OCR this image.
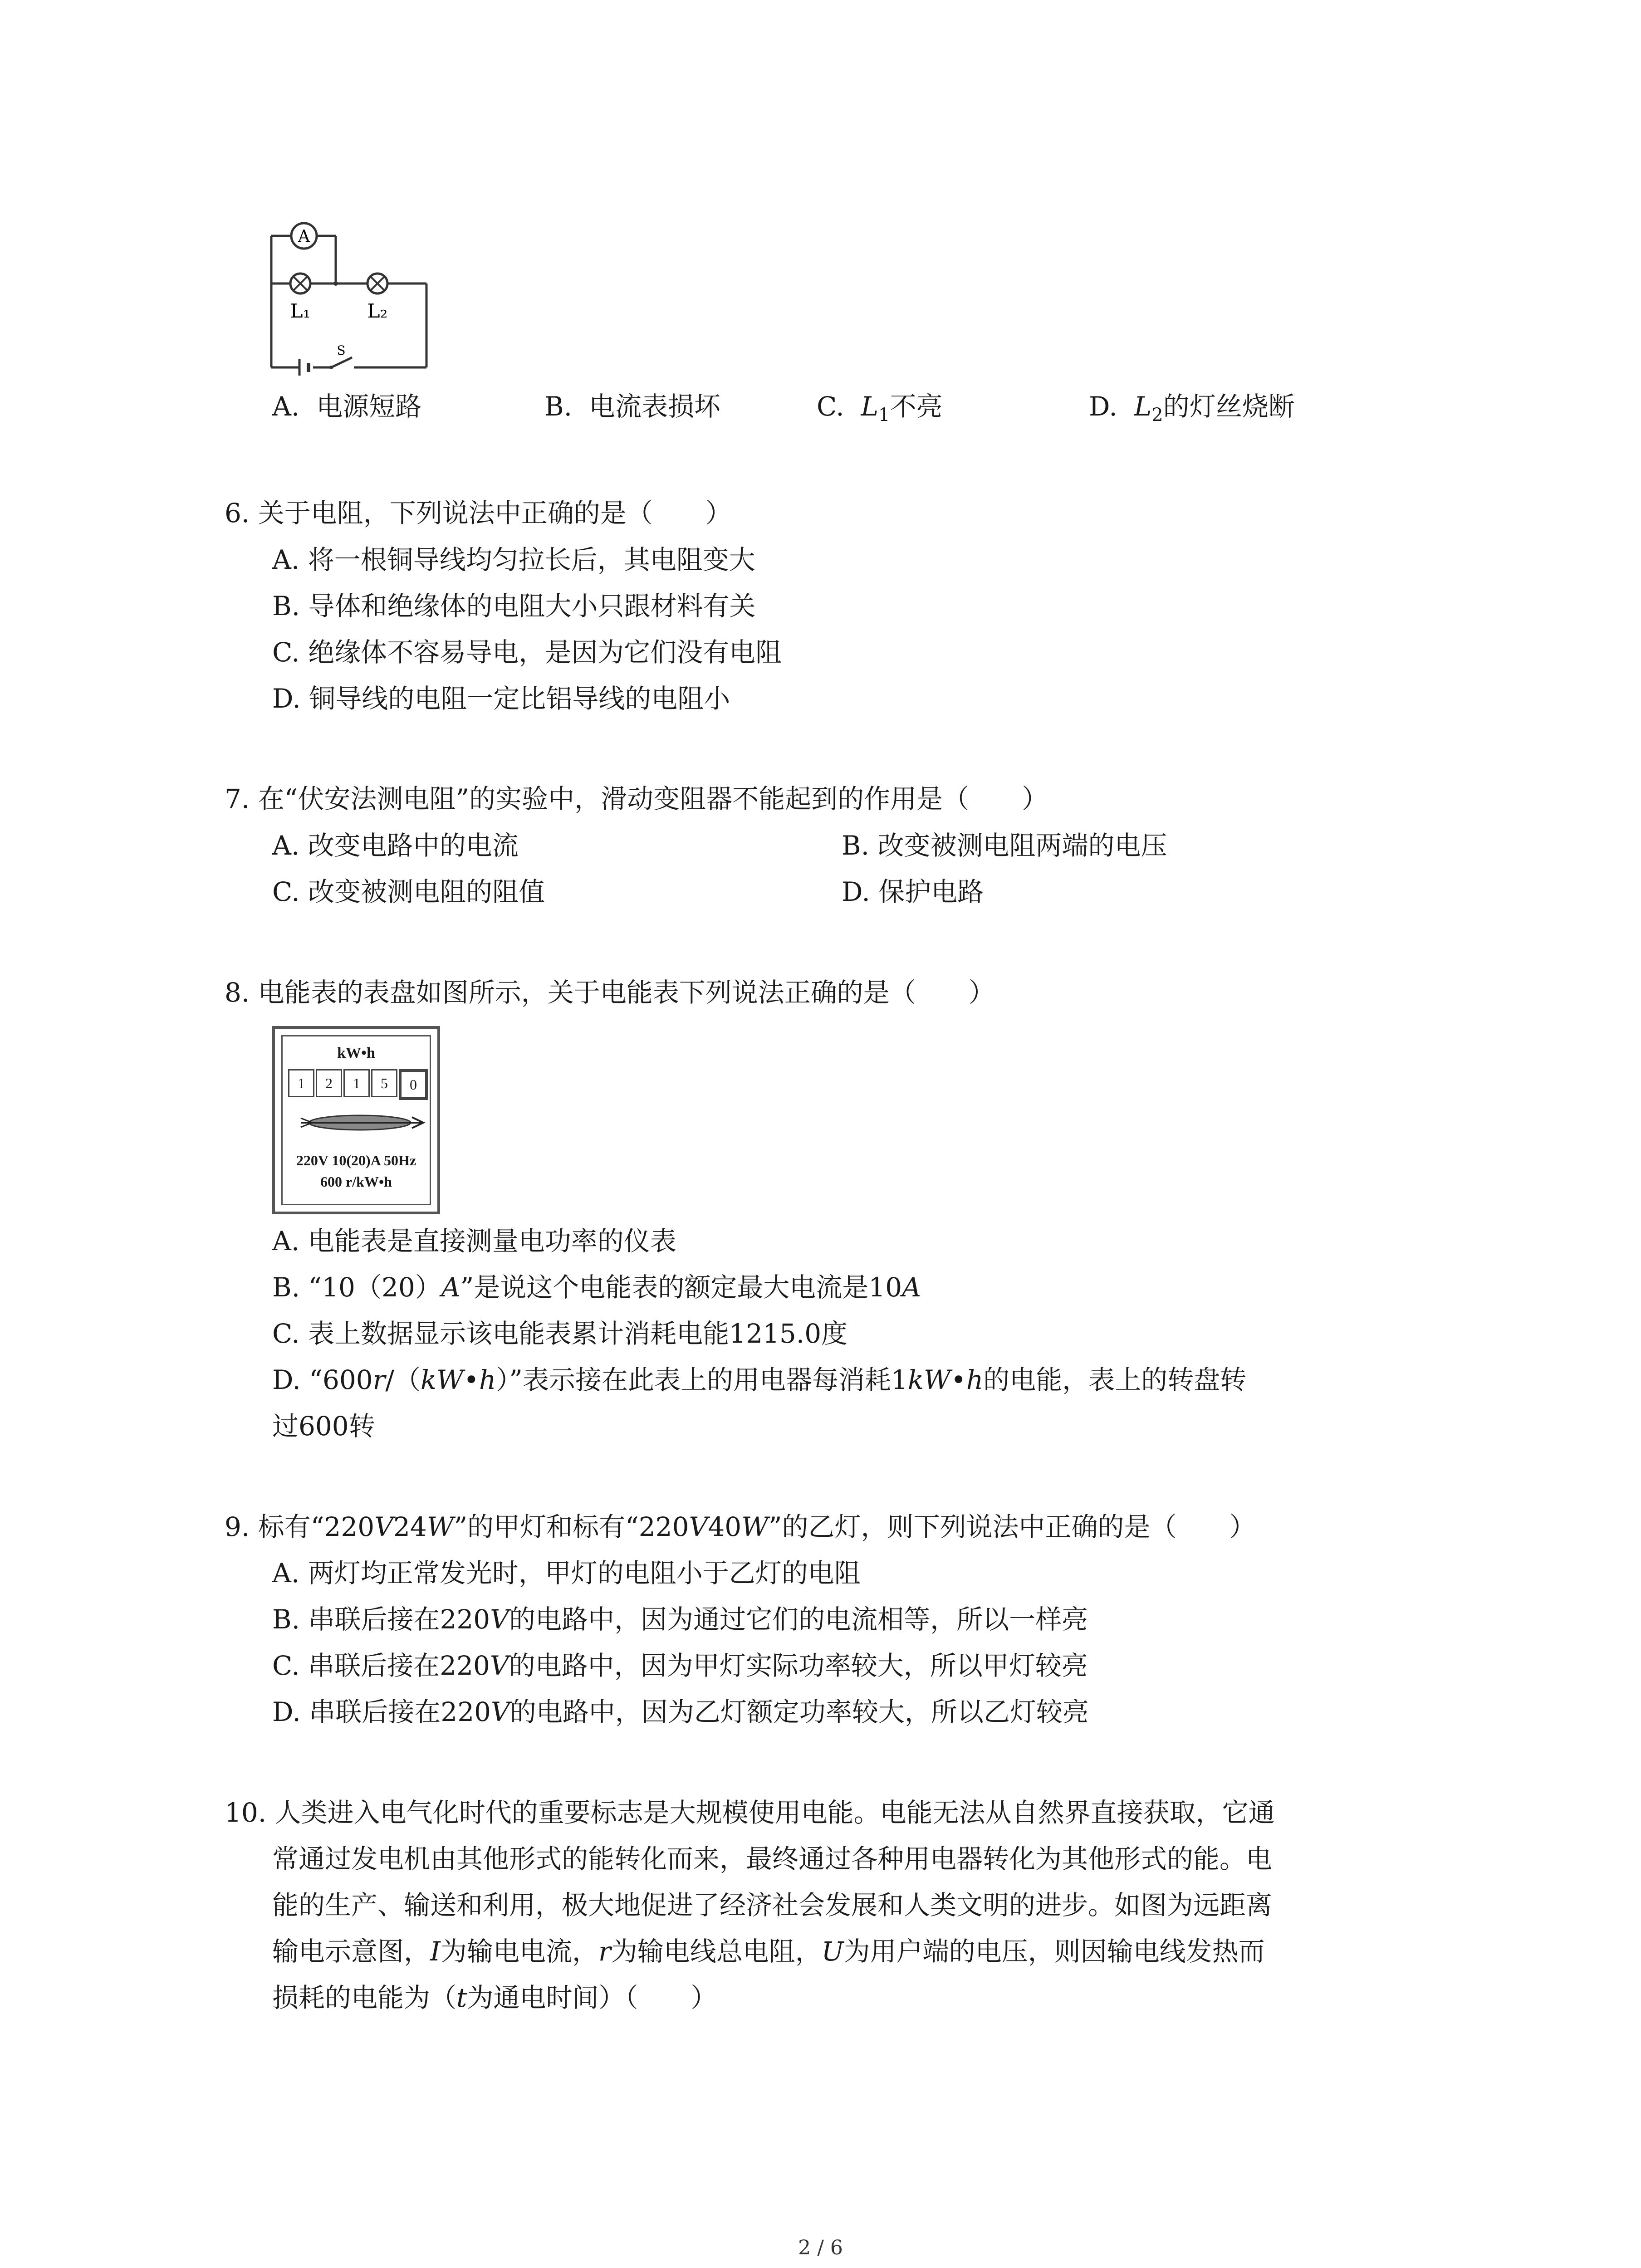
A
L₁	L₂
S
A. 电源短路	B. 电流表损坏	C. $L_1$不亮	D. $L_2$的灯丝烧断
6. 关于电阻，下列说法中正确的是（　　）
A. 将一根铜导线均匀拉长后，其电阻变大
B. 导体和绝缘体的电阻大小只跟材料有关
C. 绝缘体不容易导电，是因为它们没有电阻
D. 铜导线的电阻一定比铝导线的电阻小
7. 在“伏安法测电阻”的实验中，滑动变阻器不能起到的作用是（　　）
A. 改变电路中的电流	B. 改变被测电阻两端的电压
C. 改变被测电阻的阻值	D. 保护电路
8. 电能表的表盘如图所示，关于电能表下列说法正确的是（　　）
kW•h
1	2	1	5	0
220V 10(20)A 50Hz
600 r/kW•h
A. 电能表是直接测量电功率的仪表
B. “10（20）A”是说这个电能表的额定最大电流是10A
C. 表上数据显示该电能表累计消耗电能1215.0度
D. “600r/（kW•h）”表示接在此表上的用电器每消耗1kW•h的电能，表上的转盘转
过600转
9. 标有“220V24W”的甲灯和标有“220V40W”的乙灯，则下列说法中正确的是（　　）
A. 两灯均正常发光时，甲灯的电阻小于乙灯的电阻
B. 串联后接在220V的电路中，因为通过它们的电流相等，所以一样亮
C. 串联后接在220V的电路中，因为甲灯实际功率较大，所以甲灯较亮
D. 串联后接在220V的电路中，因为乙灯额定功率较大，所以乙灯较亮
10. 人类进入电气化时代的重要标志是大规模使用电能。电能无法从自然界直接获取，它通
常通过发电机由其他形式的能转化而来，最终通过各种用电器转化为其他形式的能。电
能的生产、输送和利用，极大地促进了经济社会发展和人类文明的进步。如图为远距离
输电示意图，I为输电电流，r为输电线总电阻，U为用户端的电压，则因输电线发热而
损耗的电能为（t为通电时间）（　　）
2 / 6
